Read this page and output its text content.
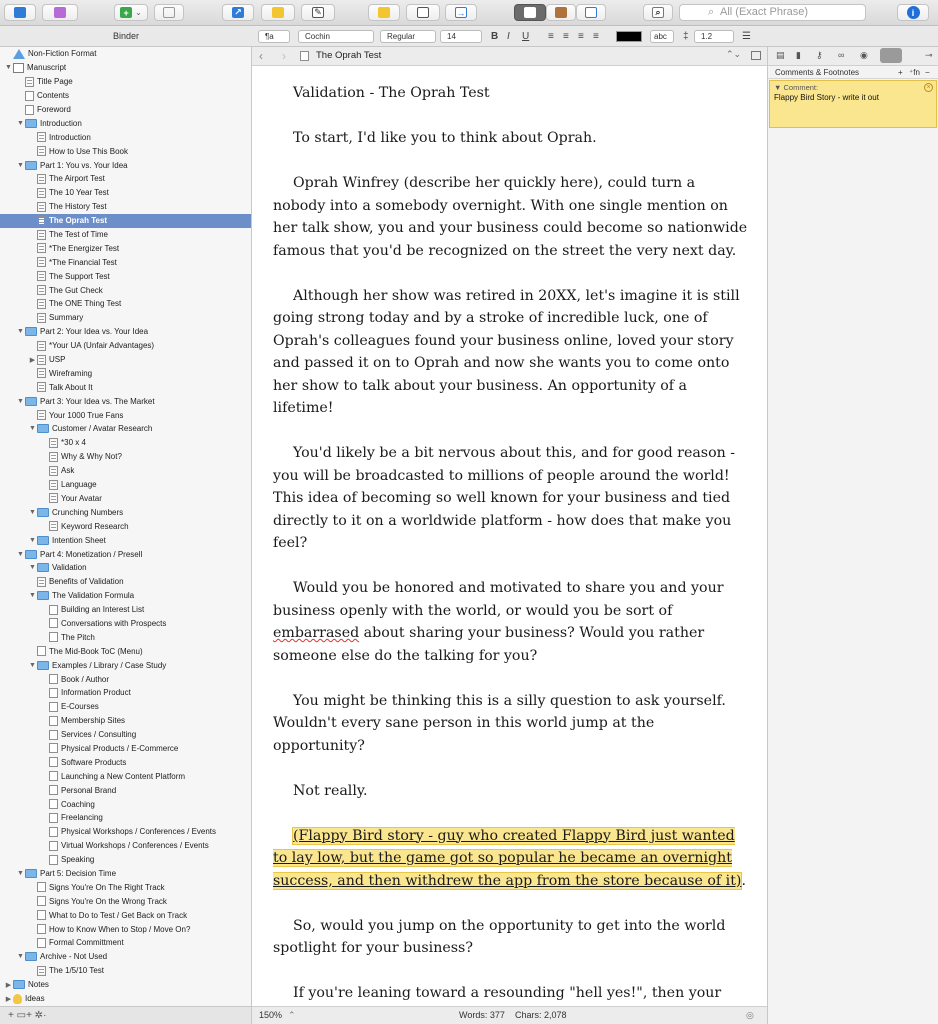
+ ⌄	↗	✎	→	⌕	⌕ All (Exact Phrase)	i
¶a	Cochin	Regular	14	B I U ≡ ≡ ≡ ≡	abc	‡	1.2	☰
Binder
Non-Fiction Format
▼ Manuscript
Title Page
Contents
Foreword
▼ Introduction
Introduction
How to Use This Book
▼ Part 1: You vs. Your Idea
The Airport Test
The 10 Year Test
The History Test
The Oprah Test
The Test of Time
*The Energizer Test
*The Financial Test
The Support Test
The Gut Check
The ONE Thing Test
Summary
▼ Part 2: Your Idea vs. Your Idea
*Your UA (Unfair Advantages)
▶ USP
Wireframing
Talk About It
▼ Part 3: Your Idea vs. The Market
Your 1000 True Fans
▼ Customer / Avatar Research
*30 x 4
Why & Why Not?
Ask
Language
Your Avatar
▼ Crunching Numbers
Keyword Research
▼ Intention Sheet
▼ Part 4: Monetization / Presell
▼ Validation
Benefits of Validation
▼ The Validation Formula
Building an Interest List
Conversations with Prospects
The Pitch
The Mid-Book ToC (Menu)
▼ Examples / Library / Case Study
Book / Author
Information Product
E-Courses
Membership Sites
Services / Consulting
Physical Products / E-Commerce
Software Products
Launching a New Content Platform
Personal Brand
Coaching
Freelancing
Physical Workshops / Conferences / Events
Virtual Workshops / Conferences / Events
Speaking
▼ Part 5: Decision Time
Signs You're On The Right Track
Signs You're On the Wrong Track
What to Do to Test / Get Back on Track
How to Know When to Stop / Move On?
Formal Committment
▼ Archive - Not Used
The 1/5/10 Test
▶ Notes
▶ Ideas
+ ▭+ ✲·
‹ ›	The Oprah Test	⌃⌄

Validation - The Oprah Test

To start, I'd like you to think about Oprah.

Oprah Winfrey (describe her quickly here), could turn a nobody into a somebody overnight. With one single mention on her talk show, you and your business could become so nationwide famous that you'd be recognized on the street the very next day.

Although her show was retired in 20XX, let's imagine it is still going strong today and by a stroke of incredible luck, one of Oprah's colleagues found your business online, loved your story and passed it on to Oprah and now she wants you to come onto her show to talk about your business. An opportunity of a lifetime!

You'd likely be a bit nervous about this, and for good reason - you will be broadcasted to millions of people around the world! This idea of becoming so well known for your business and tied directly to it on a worldwide platform - how does that make you feel?

Would you be honored and motivated to share you and your business openly with the world, or would you be sort of embarrased about sharing your business? Would you rather someone else do the talking for you?

You might be thinking this is a silly question to ask yourself. Wouldn't every sane person in this world jump at the opportunity?

Not really.

(Flappy Bird story - guy who created Flappy Bird just wanted to lay low, but the game got so popular he became an overnight success, and then withdrew the app from the store because of it).

So, would you jump on the opportunity to get into the world spotlight for your business?

If you're leaning toward a resounding "hell yes!", then your

150% ⌃	Words: 377 Chars: 2,078	◎
▤ ▮ ⚷ ∞ ◉	⊸
Comments & Footnotes	+ ⁺fn −
▼ Comment:
Flappy Bird Story - write it out
×
